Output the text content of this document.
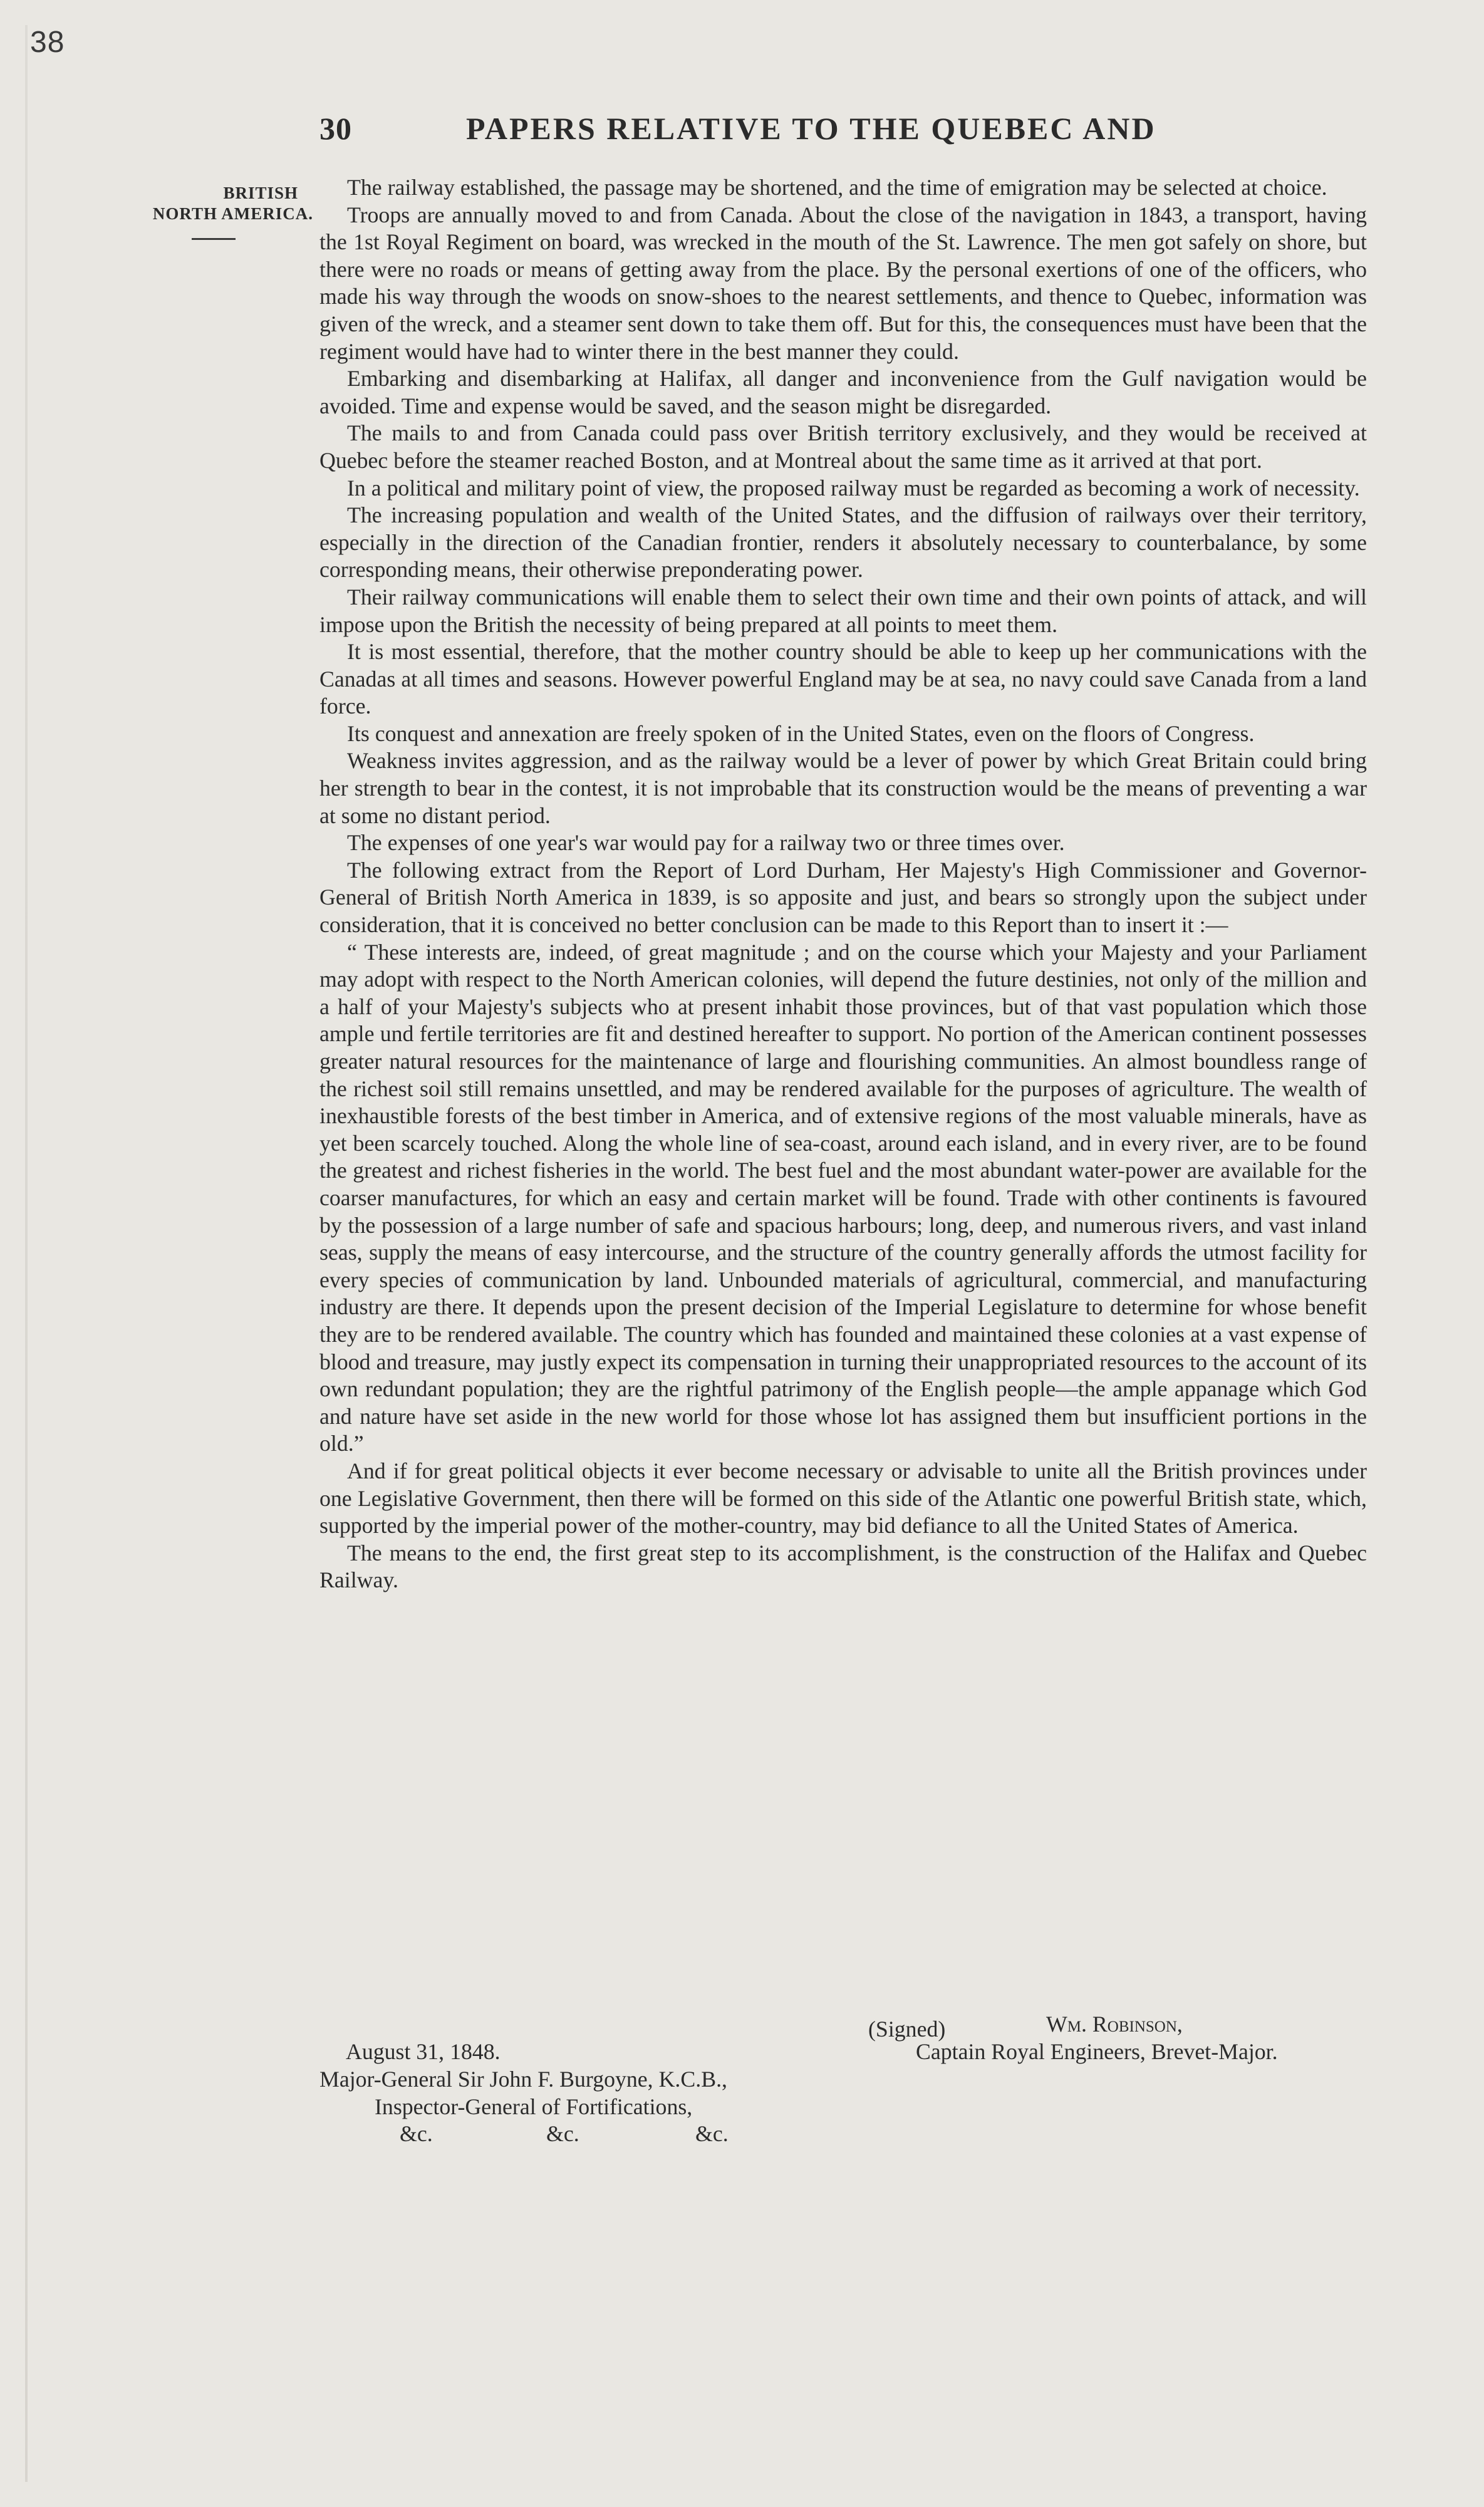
38
30	PAPERS RELATIVE TO THE QUEBEC AND
BRITISH
NORTH AMERICA.

The railway established, the passage may be shortened, and the time of emigration may be selected at choice.

Troops are annually moved to and from Canada. About the close of the navigation in 1843, a transport, having the 1st Royal Regiment on board, was wrecked in the mouth of the St. Lawrence. The men got safely on shore, but there were no roads or means of getting away from the place. By the personal exertions of one of the officers, who made his way through the woods on snow-shoes to the nearest settlements, and thence to Quebec, information was given of the wreck, and a steamer sent down to take them off. But for this, the consequences must have been that the regiment would have had to winter there in the best manner they could.

Embarking and disembarking at Halifax, all danger and inconvenience from the Gulf navigation would be avoided. Time and expense would be saved, and the season might be disregarded.

The mails to and from Canada could pass over British territory exclusively, and they would be received at Quebec before the steamer reached Boston, and at Montreal about the same time as it arrived at that port.

In a political and military point of view, the proposed railway must be regarded as becoming a work of necessity.

The increasing population and wealth of the United States, and the diffusion of railways over their territory, especially in the direction of the Canadian frontier, renders it absolutely necessary to counterbalance, by some corresponding means, their otherwise preponderating power.

Their railway communications will enable them to select their own time and their own points of attack, and will impose upon the British the necessity of being prepared at all points to meet them.

It is most essential, therefore, that the mother country should be able to keep up her communications with the Canadas at all times and seasons. However powerful England may be at sea, no navy could save Canada from a land force.

Its conquest and annexation are freely spoken of in the United States, even on the floors of Congress.

Weakness invites aggression, and as the railway would be a lever of power by which Great Britain could bring her strength to bear in the contest, it is not improbable that its construction would be the means of preventing a war at some no distant period.

The expenses of one year's war would pay for a railway two or three times over.

The following extract from the Report of Lord Durham, Her Majesty's High Commissioner and Governor-General of British North America in 1839, is so apposite and just, and bears so strongly upon the subject under consideration, that it is conceived no better conclusion can be made to this Report than to insert it :—

“ These interests are, indeed, of great magnitude ; and on the course which your Majesty and your Parliament may adopt with respect to the North American colonies, will depend the future destinies, not only of the million and a half of your Majesty's subjects who at present inhabit those provinces, but of that vast population which those ample und fertile territories are fit and destined hereafter to support. No portion of the American continent possesses greater natural resources for the maintenance of large and flourishing communities. An almost boundless range of the richest soil still remains unsettled, and may be rendered available for the purposes of agriculture. The wealth of inexhaustible forests of the best timber in America, and of extensive regions of the most valuable minerals, have as yet been scarcely touched. Along the whole line of sea-coast, around each island, and in every river, are to be found the greatest and richest fisheries in the world. The best fuel and the most abundant water-power are available for the coarser manufactures, for which an easy and certain market will be found. Trade with other continents is favoured by the possession of a large number of safe and spacious harbours; long, deep, and numerous rivers, and vast inland seas, supply the means of easy intercourse, and the structure of the country generally affords the utmost facility for every species of communication by land. Unbounded materials of agricultural, commercial, and manufacturing industry are there. It depends upon the present decision of the Imperial Legislature to determine for whose benefit they are to be rendered available. The country which has founded and maintained these colonies at a vast expense of blood and treasure, may justly expect its compensation in turning their unappropriated resources to the account of its own redundant population; they are the rightful patrimony of the English people—the ample appanage which God and nature have set aside in the new world for those whose lot has assigned them but insufficient portions in the old.”

And if for great political objects it ever become necessary or advisable to unite all the British provinces under one Legislative Government, then there will be formed on this side of the Atlantic one powerful British state, which, supported by the imperial power of the mother-country, may bid defiance to all the United States of America.

The means to the end, the first great step to its accomplishment, is the construction of the Halifax and Quebec Railway.

(Signed)	Wm. Robinson,
August 31, 1848.	Captain Royal Engineers, Brevet-Major.
Major-General Sir John F. Burgoyne, K.C.B.,
Inspector-General of Fortifications,
&c.	&c.	&c.
